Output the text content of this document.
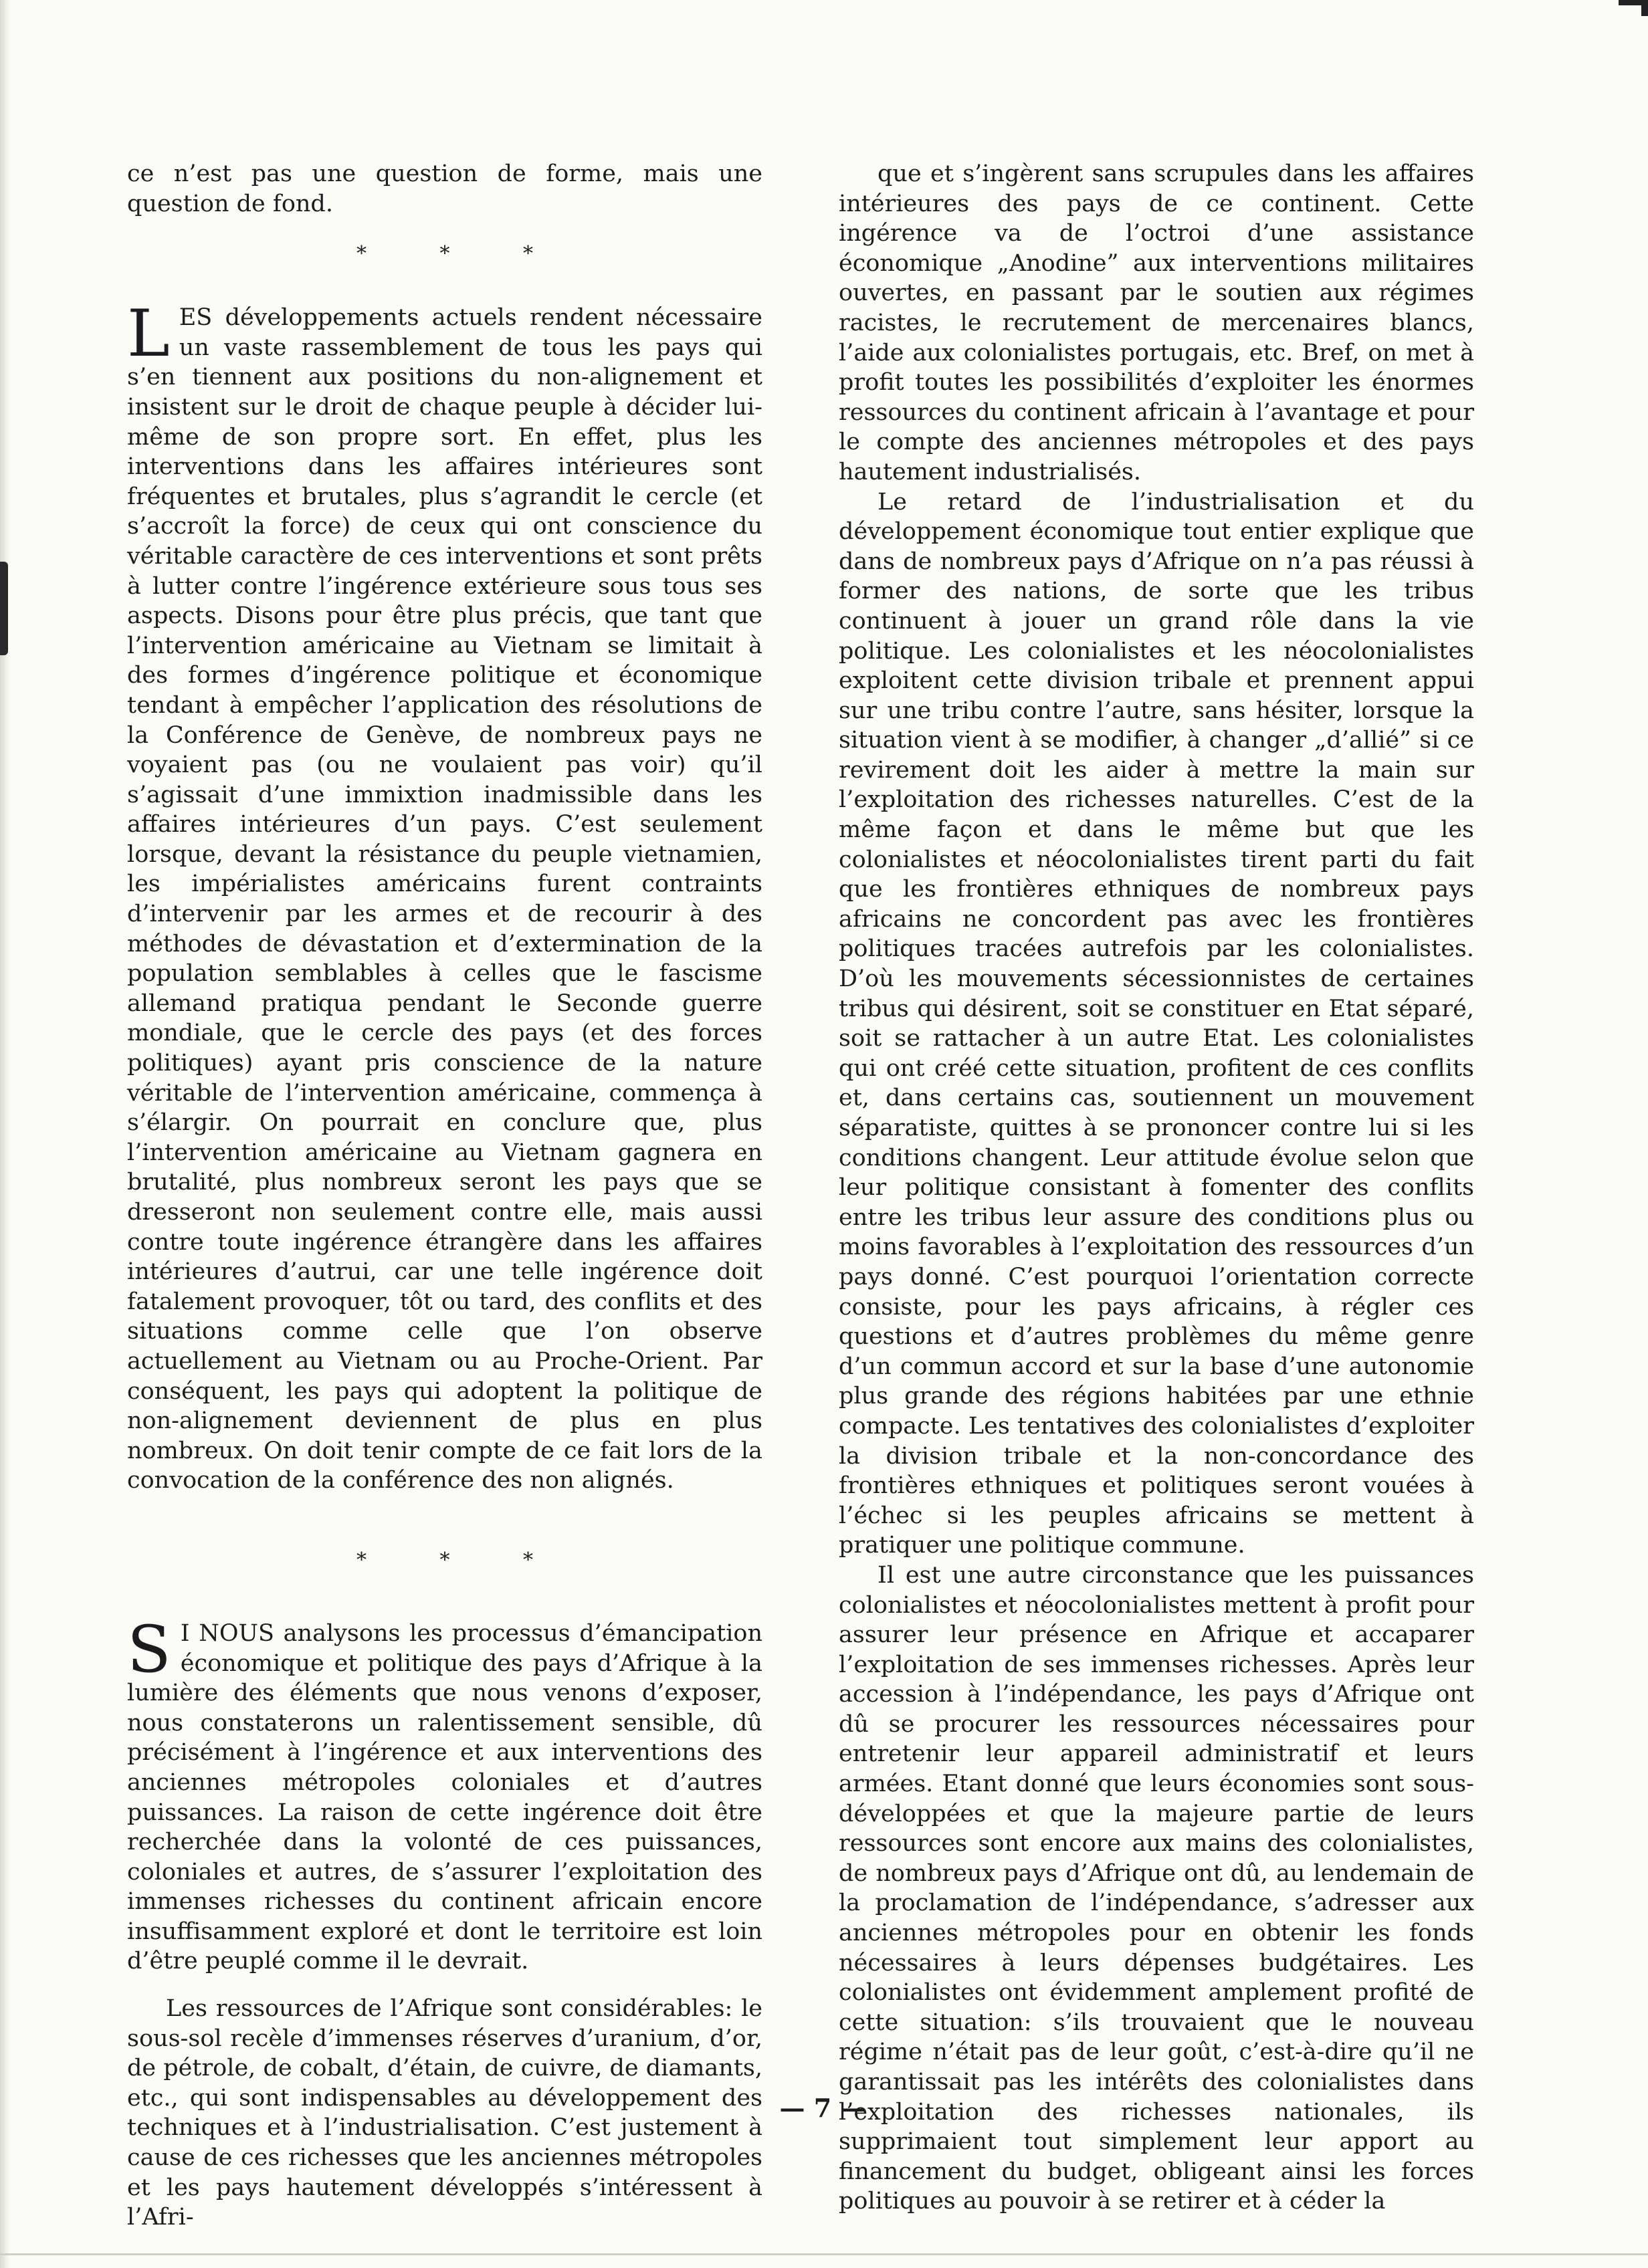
ce n’est pas une question de forme, mais une question de fond.

* * *

LES développements actuels rendent nécessaire un vaste rassemblement de tous les pays qui s’en tiennent aux positions du non-alignement et insistent sur le droit de chaque peuple à décider lui-même de son propre sort. En effet, plus les interventions dans les affaires intérieures sont fréquentes et brutales, plus s’agrandit le cercle (et s’accroît la force) de ceux qui ont conscience du véritable caractère de ces interventions et sont prêts à lutter contre l’ingérence extérieure sous tous ses aspects. Disons pour être plus précis, que tant que l’intervention américaine au Vietnam se limitait à des formes d’ingérence politique et économique tendant à empêcher l’application des résolutions de la Conférence de Genève, de nombreux pays ne voyaient pas (ou ne voulaient pas voir) qu’il s’agissait d’une immixtion inadmissible dans les affaires intérieures d’un pays. C’est seulement lorsque, devant la résistance du peuple vietnamien, les impérialistes américains furent contraints d’intervenir par les armes et de recourir à des méthodes de dévastation et d’extermination de la population semblables à celles que le fascisme allemand pratiqua pendant le Seconde guerre mondiale, que le cercle des pays (et des forces politiques) ayant pris conscience de la nature véritable de l’intervention américaine, commença à s’élargir. On pourrait en conclure que, plus l’intervention américaine au Vietnam gagnera en brutalité, plus nombreux seront les pays que se dresseront non seulement contre elle, mais aussi contre toute ingérence étrangère dans les affaires intérieures d’autrui, car une telle ingérence doit fatalement provoquer, tôt ou tard, des conflits et des situations comme celle que l’on observe actuellement au Vietnam ou au Proche-Orient. Par conséquent, les pays qui adoptent la politique de non-alignement deviennent de plus en plus nombreux. On doit tenir compte de ce fait lors de la convocation de la conférence des non alignés.

* * *

S I NOUS analysons les processus d’émancipation économique et politique des pays d’Afrique à la lumière des éléments que nous venons d’exposer, nous constaterons un ralentissement sensible, dû précisément à l’ingérence et aux interventions des anciennes métropoles coloniales et d’autres puissances. La raison de cette ingérence doit être recherchée dans la volonté de ces puissances, coloniales et autres, de s’assurer l’exploitation des immenses richesses du continent africain encore insuffisamment exploré et dont le territoire est loin d’être peuplé comme il le devrait.

Les ressources de l’Afrique sont considérables: le sous-sol recèle d’immenses réserves d’uranium, d’or, de pétrole, de cobalt, d’étain, de cuivre, de diamants, etc., qui sont indispensables au développement des techniques et à l’industrialisation. C’est justement à cause de ces richesses que les anciennes métropoles et les pays hautement développés s’intéressent à l’Afri-

que et s’ingèrent sans scrupules dans les affaires intérieures des pays de ce continent. Cette ingérence va de l’octroi d’une assistance économique „Anodine” aux interventions militaires ouvertes, en passant par le soutien aux régimes racistes, le recrutement de mercenaires blancs, l’aide aux colonialistes portugais, etc. Bref, on met à profit toutes les possibilités d’exploiter les énormes ressources du continent africain à l’avantage et pour le compte des anciennes métropoles et des pays hautement industrialisés.

Le retard de l’industrialisation et du développement économique tout entier explique que dans de nombreux pays d’Afrique on n’a pas réussi à former des nations, de sorte que les tribus continuent à jouer un grand rôle dans la vie politique. Les colonialistes et les néocolonialistes exploitent cette division tribale et prennent appui sur une tribu contre l’autre, sans hésiter, lorsque la situation vient à se modifier, à changer „d’allié” si ce revirement doit les aider à mettre la main sur l’exploitation des richesses naturelles. C’est de la même façon et dans le même but que les colonialistes et néocolonialistes tirent parti du fait que les frontières ethniques de nombreux pays africains ne concordent pas avec les frontières politiques tracées autrefois par les colonialistes. D’où les mouvements sécessionnistes de certaines tribus qui désirent, soit se constituer en Etat séparé, soit se rattacher à un autre Etat. Les colonialistes qui ont créé cette situation, profitent de ces conflits et, dans certains cas, soutiennent un mouvement séparatiste, quittes à se prononcer contre lui si les conditions changent. Leur attitude évolue selon que leur politique consistant à fomenter des conflits entre les tribus leur assure des conditions plus ou moins favorables à l’exploitation des ressources d’un pays donné. C’est pourquoi l’orientation correcte consiste, pour les pays africains, à régler ces questions et d’autres problèmes du même genre d’un commun accord et sur la base d’une autonomie plus grande des régions habitées par une ethnie compacte. Les tentatives des colonialistes d’exploiter la division tribale et la non-concordance des frontières ethniques et politiques seront vouées à l’échec si les peuples africains se mettent à pratiquer une politique commune.

Il est une autre circonstance que les puissances colonialistes et néocolonialistes mettent à profit pour assurer leur présence en Afrique et accaparer l’exploitation de ses immenses richesses. Après leur accession à l’indépendance, les pays d’Afrique ont dû se procurer les ressources nécessaires pour entretenir leur appareil administratif et leurs armées. Etant donné que leurs économies sont sous-développées et que la majeure partie de leurs ressources sont encore aux mains des colonialistes, de nombreux pays d’Afrique ont dû, au lendemain de la proclamation de l’indépendance, s’adresser aux anciennes métropoles pour en obtenir les fonds nécessaires à leurs dépenses budgétaires. Les colonialistes ont évidemment amplement profité de cette situation: s’ils trouvaient que le nouveau régime n’était pas de leur goût, c’est-à-dire qu’il ne garantissait pas les intérêts des colonialistes dans l’exploitation des richesses nationales, ils supprimaient tout simplement leur apport au financement du budget, obligeant ainsi les forces politiques au pouvoir à se retirer et à céder la

— 7 —
